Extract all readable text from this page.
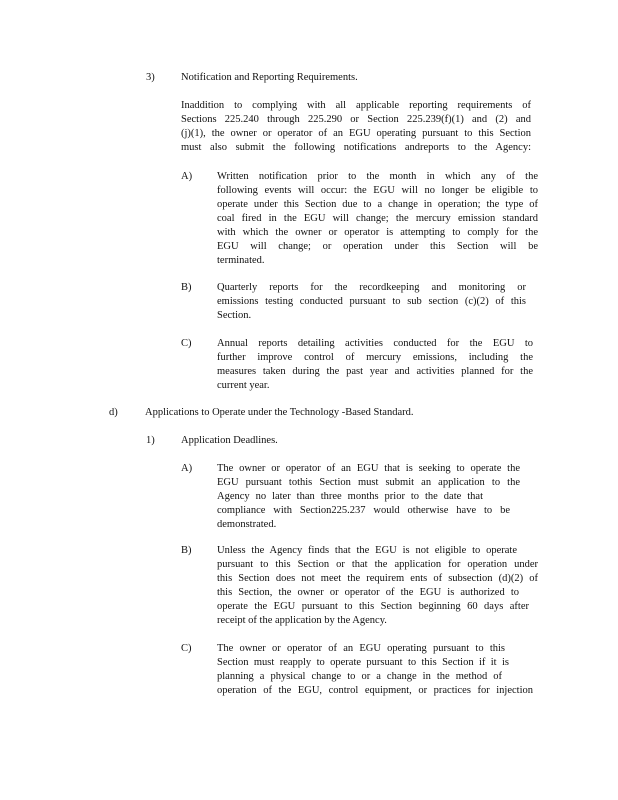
3)	Notification and Reporting Requirements.
Inaddition to complying with all applicable reporting requirements of
Sections 225.240 through 225.290 or Section 225.239(f)(1) and (2) and
(j)(1), the owner or operator of an EGU operating pursuant to this Section
must also submit the following notifications andreports to the Agency:
A) Written notification prior to the month in which any of the
following events will occur: the EGU will no longer be eligible to
operate under this Section due to a change in operation; the type of
coal fired in the EGU will change; the mercury emission standard
with which the owner or operator is attempting to comply for the
EGU will change; or operation under this Section will be
terminated.
B) Quarterly reports for the recordkeeping and monitoring or
emissions testing conducted pursuant to sub section (c)(2) of this
Section.
C) Annual reports detailing activities conducted for the EGU to
further improve control of mercury emissions, including the
measures taken during the past year and activities planned for the
current year.
d)	Applications to Operate under the Technology -Based Standard.
1)	Application Deadlines.
A) The owner or operator of an EGU that is seeking to operate the
EGU pursuant tothis Section must submit an application to the
Agency no later than three months prior to the date that
compliance with Section225.237 would otherwise have to be
demonstrated.
B) Unless the Agency finds that the EGU is not eligible to operate
pursuant to this Section or that the application for operation under
this Section does not meet the requirem ents of subsection (d)(2) of
this Section, the owner or operator of the EGU is authorized to
operate the EGU pursuant to this Section beginning 60 days after
receipt of the application by the Agency.
C) The owner or operator of an EGU operating pursuant to this
Section must reapply to operate pursuant to this Section if it is
planning a physical change to or a change in the method of
operation of the EGU, control equipment, or practices for injection
